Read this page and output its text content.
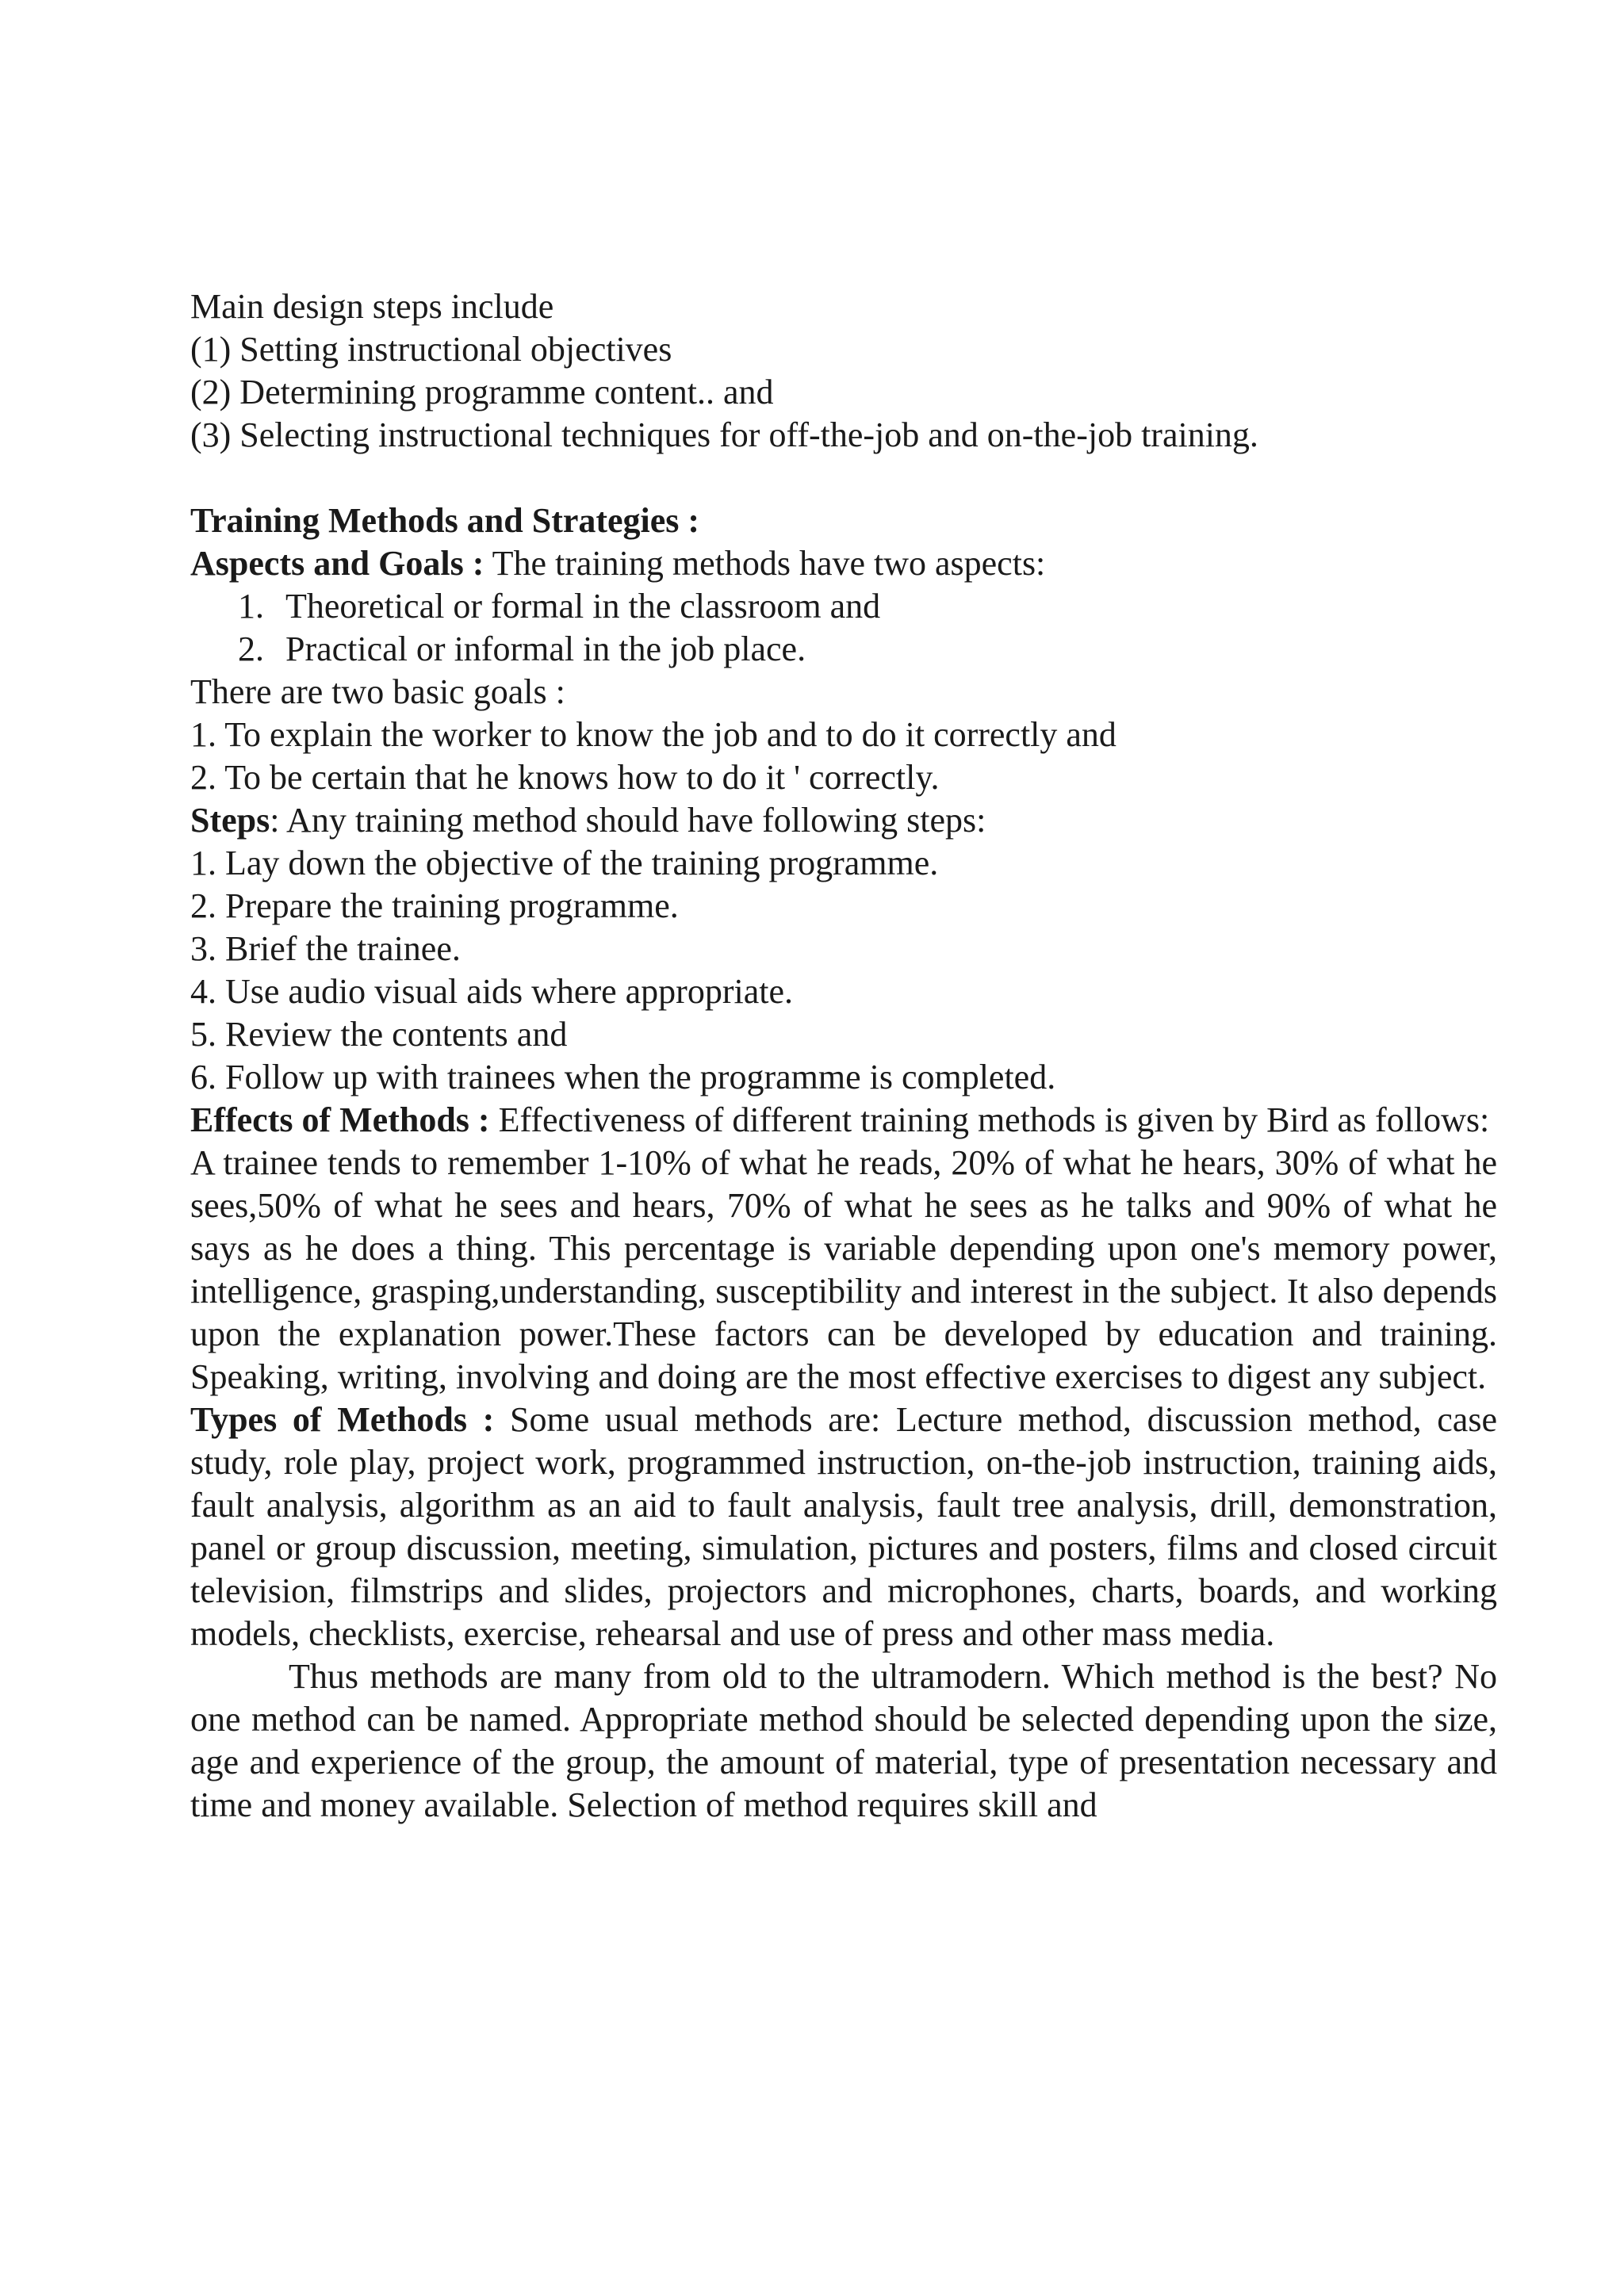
Main design steps include
(1) Setting instructional objectives
(2) Determining programme content.. and
(3) Selecting instructional techniques for off-the-job and on-the-job training.
Training Methods and Strategies :
Aspects and Goals : The training methods have two aspects:
1. Theoretical or formal in the classroom and
2. Practical or informal in the job place.
There are two basic goals :
1. To explain the worker to know the job and to do it correctly and
2. To be certain that he knows how to do it ' correctly.
Steps: Any training method should have following steps:
1. Lay down the objective of the training programme.
2. Prepare the training programme.
3. Brief the trainee.
4. Use audio visual aids where appropriate.
5. Review the contents and
6. Follow up with trainees when the programme is completed.
Effects of Methods : Effectiveness of different training methods is given by Bird as follows:
A trainee tends to remember 1-10% of what he reads, 20% of what he hears, 30% of what he sees,50% of what he sees and hears, 70% of what he sees as he talks and 90% of what he says as he does a thing. This percentage is variable depending upon one's memory power, intelligence, grasping,understanding, susceptibility and interest in the subject. It also depends upon the explanation power.These factors can be developed by education and training. Speaking, writing, involving and doing are the most effective exercises to digest any subject.
Types of Methods : Some usual methods are: Lecture method, discussion method, case study, role play, project work, programmed instruction, on-the-job instruction, training aids, fault analysis, algorithm as an aid to fault analysis, fault tree analysis, drill, demonstration, panel or group discussion, meeting, simulation, pictures and posters, films and closed circuit television, filmstrips and slides, projectors and microphones, charts, boards, and working models, checklists, exercise, rehearsal and use of press and other mass media.
Thus methods are many from old to the ultramodern. Which method is the best? No one method can be named. Appropriate method should be selected depending upon the size, age and experience of the group, the amount of material, type of presentation necessary and time and money available. Selection of method requires skill and
